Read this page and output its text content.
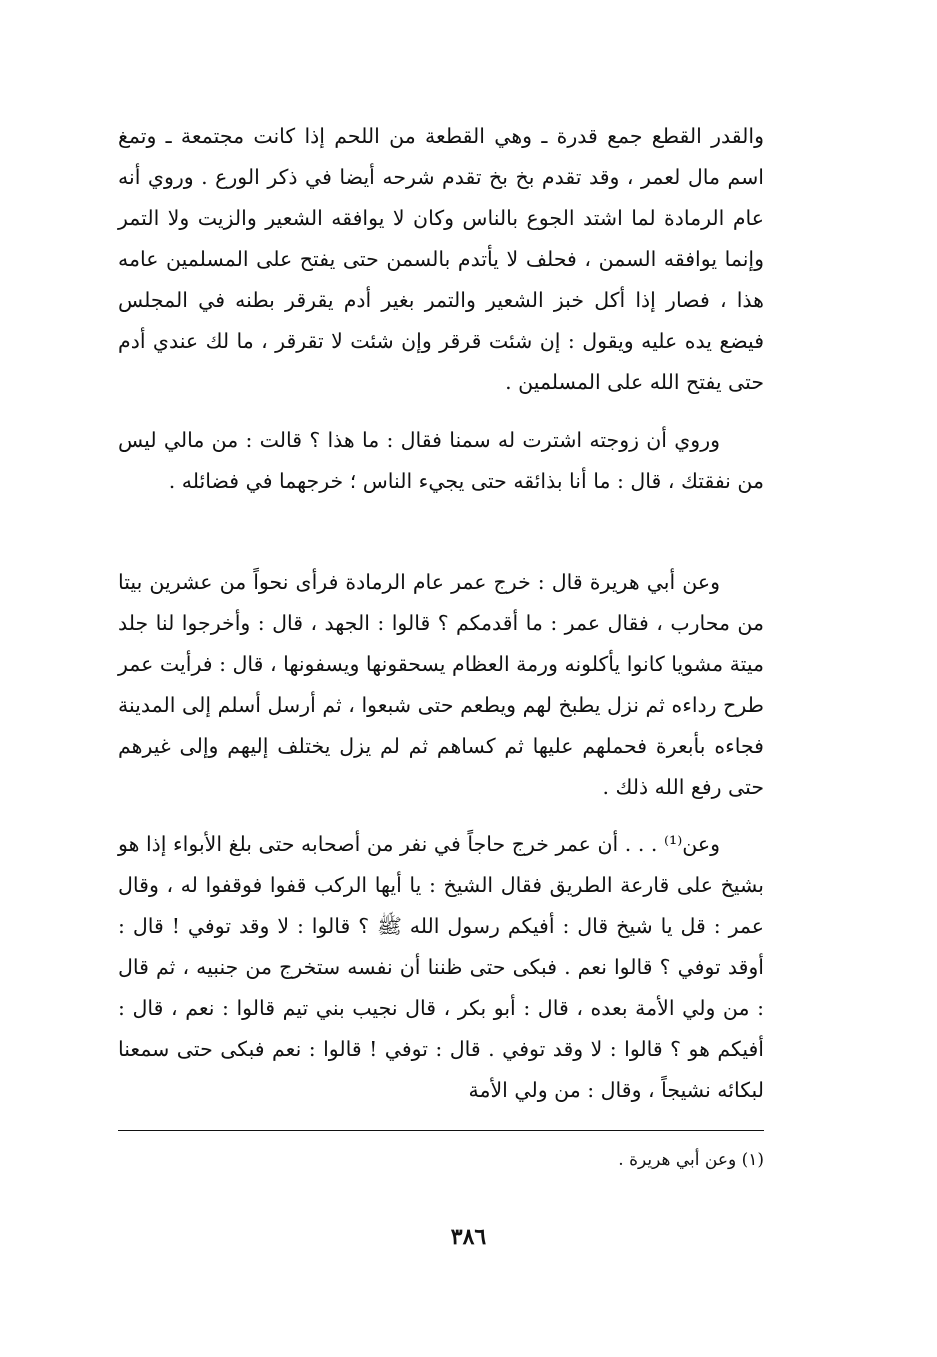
والقدر القطع جمع قدرة ـ وهي القطعة من اللحم إذا كانت مجتمعة ـ وتمغ اسم مال لعمر ، وقد تقدم بخ بخ تقدم شرحه أيضا في ذكر الورع . وروي أنه عام الرمادة لما اشتد الجوع بالناس وكان لا يوافقه الشعير والزيت ولا التمر وإنما يوافقه السمن ، فحلف لا يأتدم بالسمن حتى يفتح على المسلمين عامه هذا ، فصار إذا أكل خبز الشعير والتمر بغير أدم يقرقر بطنه في المجلس فيضع يده عليه ويقول : إن شئت قرقر وإن شئت لا تقرقر ، ما لك عندي أدم حتى يفتح الله على المسلمين .

وروي أن زوجته اشترت له سمنا فقال : ما هذا ؟ قالت : من مالي ليس من نفقتك ، قال : ما أنا بذائقه حتى يجيء الناس ؛ خرجهما في فضائله .

وعن أبي هريرة قال : خرج عمر عام الرمادة فرأى نحواً من عشرين بيتا من محارب ، فقال عمر : ما أقدمكم ؟ قالوا : الجهد ، قال : وأخرجوا لنا جلد ميتة مشويا كانوا يأكلونه ورمة العظام يسحقونها ويسفونها ، قال : فرأيت عمر طرح رداءه ثم نزل يطبخ لهم ويطعم حتى شبعوا ، ثم أرسل أسلم إلى المدينة فجاءه بأبعرة فحملهم عليها ثم كساهم ثم لم يزل يختلف إليهم وإلى غيرهم حتى رفع الله ذلك .

وعن⁽¹⁾ . . . أن عمر خرج حاجاً في نفر من أصحابه حتى بلغ الأبواء إذا هو بشيخ على قارعة الطريق فقال الشيخ : يا أيها الركب قفوا فوقفوا له ، وقال عمر : قل يا شيخ قال : أفيكم رسول الله ﷺ ؟ قالوا : لا وقد توفي ! قال : أوقد توفي ؟ قالوا نعم . فبكى حتى ظننا أن نفسه ستخرج من جنبيه ، ثم قال : من ولي الأمة بعده ، قال : أبو بكر ، قال نجيب بني تيم قالوا : نعم ، قال : أفيكم هو ؟ قالوا : لا وقد توفي . قال : توفي ! قالوا : نعم فبكى حتى سمعنا لبكائه نشيجاً ، وقال : من ولي الأمة

(١) وعن أبي هريرة .
٣٨٦
